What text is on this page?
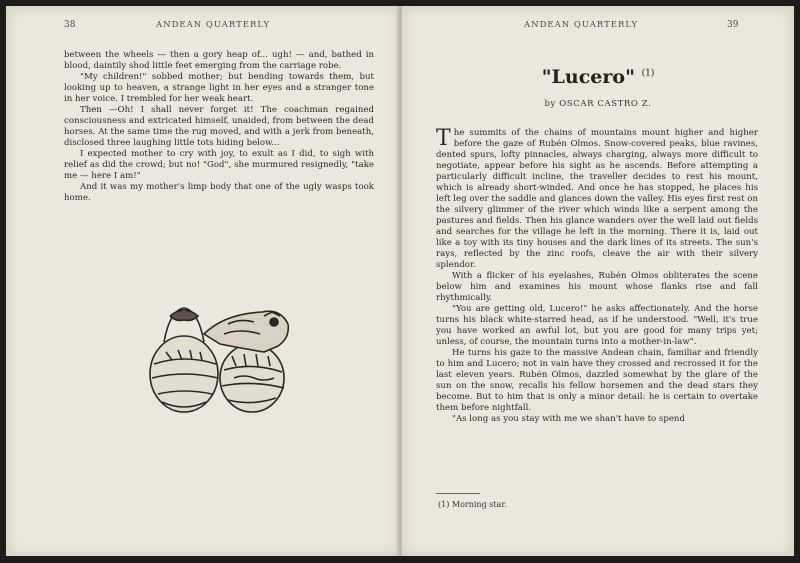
38	ANDEAN QUARTERLY

between the wheels — then a gory heap of... ugh! — and, bathed in blood, daintily shod little feet emerging from the carriage robe.

"My children!" sobbed mother; but bending towards them, but looking up to heaven, a strange light in her eyes and a stranger tone in her voice. I trembled for her weak heart.

Then —Oh! I shall never forget it! The coachman regained consciousness and extricated himself, unaided, from between the dead horses. At the same time the rug moved, and with a jerk from beneath, disclosed three laughing little tots hiding below...

I expected mother to cry with joy, to exult as I did, to sigh with relief as did the crowd; but no! "God", she murmured resignedly, "take me — here I am!"

And it was my mother's limp body that one of the ugly wasps took home.

ANDEAN QUARTERLY	39
"Lucero" $^{(1)}$
by OSCAR CASTRO Z.

The summits of the chains of mountains mount higher and higher before the gaze of Rubén Olmos. Snow-covered peaks, blue ravines, dented spurs, lofty pinnacles, always charging, always more difficult to negotiate, appear before his sight as he ascends. Before attempting a particularly difficult incline, the traveller decides to rest his mount, which is already short-winded. And once he has stopped, he places his left leg over the saddle and glances down the valley. His eyes first rest on the silvery glimmer of the river which winds like a serpent among the pastures and fields. Then his glance wanders over the well laid out fields and searches for the village he left in the morning. There it is, laid out like a toy with its tiny houses and the dark lines of its streets. The sun's rays, reflected by the zinc roofs, cleave the air with their silvery splendor.

With a flicker of his eyelashes, Rubén Olmos obliterates the scene below him and examines his mount whose flanks rise and fall rhythmically.

"You are getting old, Lucero!" he asks affectionately. And the horse turns his black white-starred head, as if he understood. "Well, it's true you have worked an awful lot, but you are good for many trips yet; unless, of course, the mountain turns into a mother-in-law".

He turns his gaze to the massive Andean chain, familiar and friendly to him and Lucero; not in vain have they crossed and recrossed it for the last eleven years. Rubén Olmos, dazzled somewhat by the glare of the sun on the snow, recalls his fellow horsemen and the dead stars they become. But to him that is only a minor detail: he is certain to overtake them before nightfall.

"As long as you stay with me we shan't have to spend

(1) Morning star.
